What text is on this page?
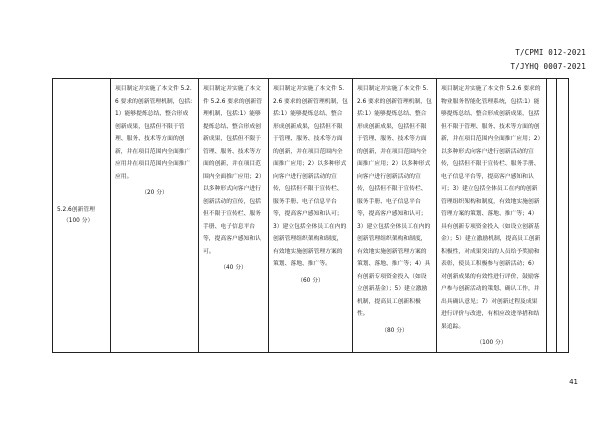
T/CPMI 012-2021
T/JYHQ 0007-2021
5.2.6创新管理
（100 分）
	项目制定并实施了本文件 5.2.6 要求的创新管理机制，包括:1）能够提炼总结、整合形成创新成果，包括但不限于管理、服务、技术等方面的创新，并在项目范围内全面推广应用并在项目范围内全面推广应用。
（20 分）
	项目制定并实施了本文件 5.2.6 要求的创新管理机制，包括:1）能够提炼总结、整合形成创新成果，包括但不限于管理、服务、技术等方面的创新，并在项目范围内全面推广应用；2）以多种形式向客户进行创新活动的宣传，包括但不限于宣传栏、服务手册、电子信息平台等，提高客户感知和认可。
（40 分）
	项目制定并实施了本文件 5.2.6 要求的创新管理机制，包括:1）能够提炼总结、整合形成创新成果，包括但不限于管理、服务、技术等方面的创新，并在项目范围内全面推广应用；2）以多种形式向客户进行创新活动的宣传，包括但不限于宣传栏、服务手册、电子信息平台等，提高客户感知和认可；3）建立包括全体员工在内的创新管理组织架构和制度，有效地实施创新管理方案的策划、落地、推广等。
（60 分）
	项目制定并实施了本文件 5.2.6 要求的创新管理机制，包括:1）能够提炼总结、整合形成创新成果，包括但不限于管理、服务、技术等方面的创新，并在项目范围内全面推广应用；2）以多种形式向客户进行创新活动的宣传，包括但不限于宣传栏、服务手册、电子信息平台等，提高客户感知和认可；3）建立包括全体员工在内的创新管理组织架构和制度，有效地实施创新管理方案的策划、落地、推广等；4）具有创新专项资金投入（如设立创新基金）；5）建立激励机制，提高员工创新积极性。
（80 分）
	项目制定并实施了本文件 5.2.6 要求的物业服务智能化管理系统，包括:1）能够提炼总结、整合形成创新成果，包括但不限于管理、服务、技术等方面的创新，并在项目范围内全面推广应用；2）以多种形式向客户进行创新活动的宣传，包括但不限于宣传栏、服务手册、电子信息平台等，提高客户感知和认可；3）建立包括全体员工在内的创新管理组织架构和制度，有效地实施创新管理方案的策划、落地、推广等；4）具有创新专项资金投入（如设立创新基金）；5）建立激励机制，提高员工创新积极性，对成果突出的人员给予奖励和表彰，使员工积极参与创新活动；6）对创新成果的有效性进行评价，鼓励客户参与创新活动的策划、确认工作，并出具确认意见；7）对创新过程及成果进行评价与改进，有相应改进举措和结果追踪。
（100 分）

41
